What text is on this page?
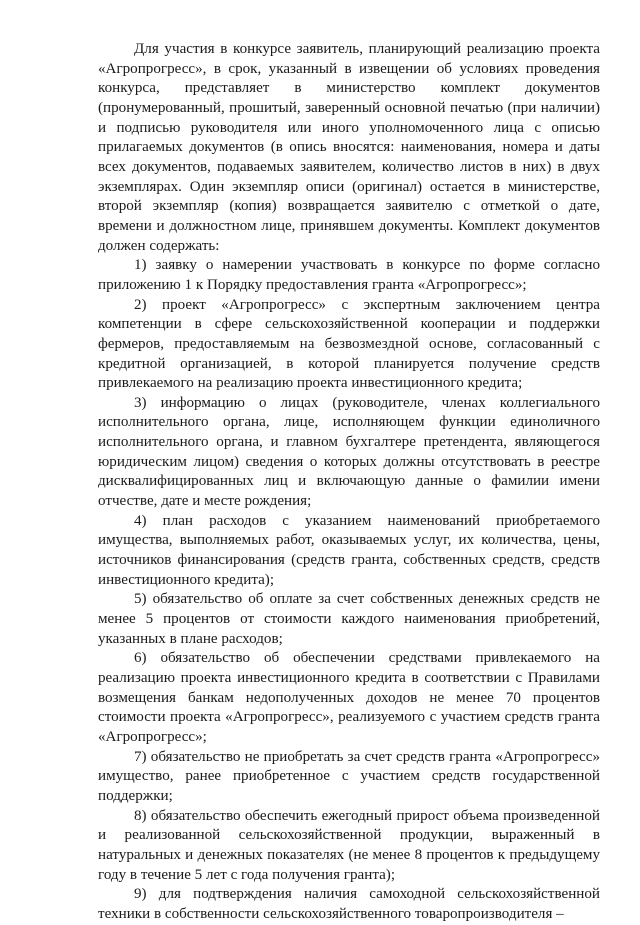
Для участия в конкурсе заявитель, планирующий реализацию проекта «Агропрогресс», в срок, указанный в извещении об условиях проведения конкурса, представляет в министерство комплект документов (пронумерованный, прошитый, заверенный основной печатью (при наличии) и подписью руководителя или иного уполномоченного лица с описью прилагаемых документов (в опись вносятся: наименования, номера и даты всех документов, подаваемых заявителем, количество листов в них) в двух экземплярах. Один экземпляр описи (оригинал) остается в министерстве, второй экземпляр (копия) возвращается заявителю с отметкой о дате, времени и должностном лице, принявшем документы. Комплект документов должен содержать:

1) заявку о намерении участвовать в конкурсе по форме согласно приложению 1 к Порядку предоставления гранта «Агропрогресс»;

2) проект «Агропрогресс» с экспертным заключением центра компетенции в сфере сельскохозяйственной кооперации и поддержки фермеров, предоставляемым на безвозмездной основе, согласованный с кредитной организацией, в которой планируется получение средств привлекаемого на реализацию проекта инвестиционного кредита;

3) информацию о лицах (руководителе, членах коллегиального исполнительного органа, лице, исполняющем функции единоличного исполнительного органа, и главном бухгалтере претендента, являющегося юридическим лицом) сведения о которых должны отсутствовать в реестре дисквалифицированных лиц и включающую данные о фамилии имени отчестве, дате и месте рождения;

4) план расходов с указанием наименований приобретаемого имущества, выполняемых работ, оказываемых услуг, их количества, цены, источников финансирования (средств гранта, собственных средств, средств инвестиционного кредита);

5) обязательство об оплате за счет собственных денежных средств не менее 5 процентов от стоимости каждого наименования приобретений, указанных в плане расходов;

6) обязательство об обеспечении средствами привлекаемого на реализацию проекта инвестиционного кредита в соответствии с Правилами возмещения банкам недополученных доходов не менее 70 процентов стоимости проекта «Агропрогресс», реализуемого с участием средств гранта «Агропрогресс»;

7) обязательство не приобретать за счет средств гранта «Агропрогресс» имущество, ранее приобретенное с участием средств государственной поддержки;

8) обязательство обеспечить ежегодный прирост объема произведенной и реализованной сельскохозяйственной продукции, выраженный в натуральных и денежных показателях (не менее 8 процентов к предыдущему году в течение 5 лет с года получения гранта);

9) для подтверждения наличия самоходной сельскохозяйственной техники в собственности сельскохозяйственного товаропроизводителя –
